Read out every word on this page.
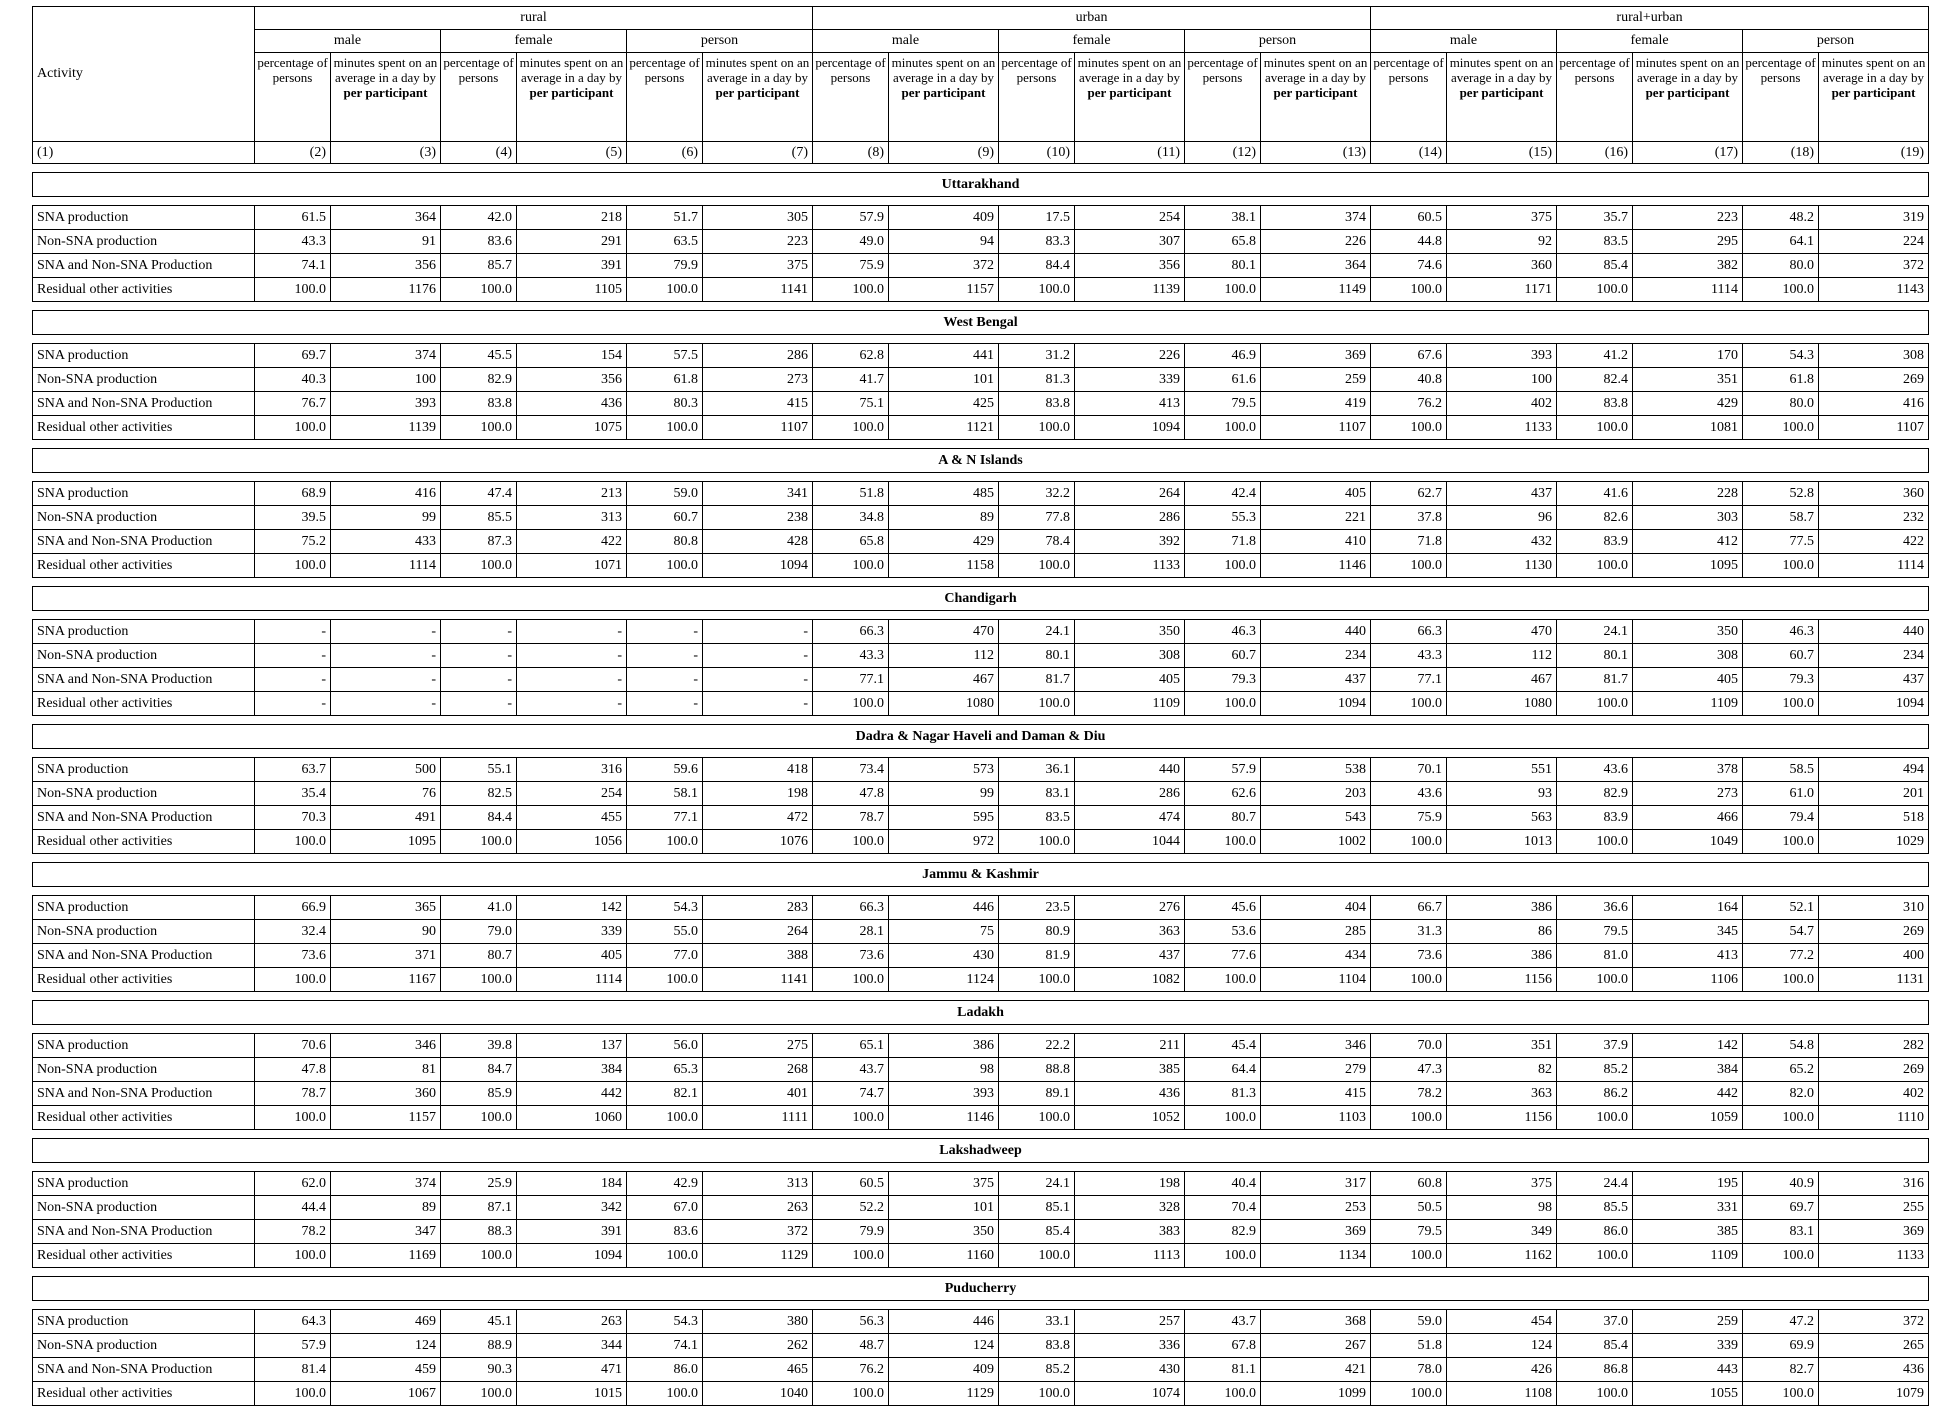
Activity	rural						urban						rural+urban					
	male		female		person		male		female		person		male		female		person	
	percentage of persons	minutes spent on an average in a day by per participant	percentage of persons	minutes spent on an average in a day by per participant	percentage of persons	minutes spent on an average in a day by per participant	percentage of persons	minutes spent on an average in a day by per participant	percentage of persons	minutes spent on an average in a day by per participant	percentage of persons	minutes spent on an average in a day by per participant	percentage of persons	minutes spent on an average in a day by per participant	percentage of persons	minutes spent on an average in a day by per participant	percentage of persons	minutes spent on an average in a day by per participant
(1)	(2)	(3)	(4)	(5)	(6)	(7)	(8)	(9)	(10)	(11)	(12)	(13)	(14)	(15)	(16)	(17)	(18)	(19)

Uttarakhand																		

SNA production	61.5	364	42.0	218	51.7	305	57.9	409	17.5	254	38.1	374	60.5	375	35.7	223	48.2	319
Non-SNA production	43.3	91	83.6	291	63.5	223	49.0	94	83.3	307	65.8	226	44.8	92	83.5	295	64.1	224
SNA and Non-SNA Production	74.1	356	85.7	391	79.9	375	75.9	372	84.4	356	80.1	364	74.6	360	85.4	382	80.0	372
Residual other activities	100.0	1176	100.0	1105	100.0	1141	100.0	1157	100.0	1139	100.0	1149	100.0	1171	100.0	1114	100.0	1143

West Bengal																		

SNA production	69.7	374	45.5	154	57.5	286	62.8	441	31.2	226	46.9	369	67.6	393	41.2	170	54.3	308
Non-SNA production	40.3	100	82.9	356	61.8	273	41.7	101	81.3	339	61.6	259	40.8	100	82.4	351	61.8	269
SNA and Non-SNA Production	76.7	393	83.8	436	80.3	415	75.1	425	83.8	413	79.5	419	76.2	402	83.8	429	80.0	416
Residual other activities	100.0	1139	100.0	1075	100.0	1107	100.0	1121	100.0	1094	100.0	1107	100.0	1133	100.0	1081	100.0	1107

A & N Islands																		

SNA production	68.9	416	47.4	213	59.0	341	51.8	485	32.2	264	42.4	405	62.7	437	41.6	228	52.8	360
Non-SNA production	39.5	99	85.5	313	60.7	238	34.8	89	77.8	286	55.3	221	37.8	96	82.6	303	58.7	232
SNA and Non-SNA Production	75.2	433	87.3	422	80.8	428	65.8	429	78.4	392	71.8	410	71.8	432	83.9	412	77.5	422
Residual other activities	100.0	1114	100.0	1071	100.0	1094	100.0	1158	100.0	1133	100.0	1146	100.0	1130	100.0	1095	100.0	1114

Chandigarh																		

SNA production	-	-	-	-	-	-	66.3	470	24.1	350	46.3	440	66.3	470	24.1	350	46.3	440
Non-SNA production	-	-	-	-	-	-	43.3	112	80.1	308	60.7	234	43.3	112	80.1	308	60.7	234
SNA and Non-SNA Production	-	-	-	-	-	-	77.1	467	81.7	405	79.3	437	77.1	467	81.7	405	79.3	437
Residual other activities	-	-	-	-	-	-	100.0	1080	100.0	1109	100.0	1094	100.0	1080	100.0	1109	100.0	1094

Dadra & Nagar Haveli and Daman & Diu																		

SNA production	63.7	500	55.1	316	59.6	418	73.4	573	36.1	440	57.9	538	70.1	551	43.6	378	58.5	494
Non-SNA production	35.4	76	82.5	254	58.1	198	47.8	99	83.1	286	62.6	203	43.6	93	82.9	273	61.0	201
SNA and Non-SNA Production	70.3	491	84.4	455	77.1	472	78.7	595	83.5	474	80.7	543	75.9	563	83.9	466	79.4	518
Residual other activities	100.0	1095	100.0	1056	100.0	1076	100.0	972	100.0	1044	100.0	1002	100.0	1013	100.0	1049	100.0	1029

Jammu & Kashmir																		

SNA production	66.9	365	41.0	142	54.3	283	66.3	446	23.5	276	45.6	404	66.7	386	36.6	164	52.1	310
Non-SNA production	32.4	90	79.0	339	55.0	264	28.1	75	80.9	363	53.6	285	31.3	86	79.5	345	54.7	269
SNA and Non-SNA Production	73.6	371	80.7	405	77.0	388	73.6	430	81.9	437	77.6	434	73.6	386	81.0	413	77.2	400
Residual other activities	100.0	1167	100.0	1114	100.0	1141	100.0	1124	100.0	1082	100.0	1104	100.0	1156	100.0	1106	100.0	1131

Ladakh																		

SNA production	70.6	346	39.8	137	56.0	275	65.1	386	22.2	211	45.4	346	70.0	351	37.9	142	54.8	282
Non-SNA production	47.8	81	84.7	384	65.3	268	43.7	98	88.8	385	64.4	279	47.3	82	85.2	384	65.2	269
SNA and Non-SNA Production	78.7	360	85.9	442	82.1	401	74.7	393	89.1	436	81.3	415	78.2	363	86.2	442	82.0	402
Residual other activities	100.0	1157	100.0	1060	100.0	1111	100.0	1146	100.0	1052	100.0	1103	100.0	1156	100.0	1059	100.0	1110

Lakshadweep																		

SNA production	62.0	374	25.9	184	42.9	313	60.5	375	24.1	198	40.4	317	60.8	375	24.4	195	40.9	316
Non-SNA production	44.4	89	87.1	342	67.0	263	52.2	101	85.1	328	70.4	253	50.5	98	85.5	331	69.7	255
SNA and Non-SNA Production	78.2	347	88.3	391	83.6	372	79.9	350	85.4	383	82.9	369	79.5	349	86.0	385	83.1	369
Residual other activities	100.0	1169	100.0	1094	100.0	1129	100.0	1160	100.0	1113	100.0	1134	100.0	1162	100.0	1109	100.0	1133

Puducherry																		

SNA production	64.3	469	45.1	263	54.3	380	56.3	446	33.1	257	43.7	368	59.0	454	37.0	259	47.2	372
Non-SNA production	57.9	124	88.9	344	74.1	262	48.7	124	83.8	336	67.8	267	51.8	124	85.4	339	69.9	265
SNA and Non-SNA Production	81.4	459	90.3	471	86.0	465	76.2	409	85.2	430	81.1	421	78.0	426	86.8	443	82.7	436
Residual other activities	100.0	1067	100.0	1015	100.0	1040	100.0	1129	100.0	1074	100.0	1099	100.0	1108	100.0	1055	100.0	1079
